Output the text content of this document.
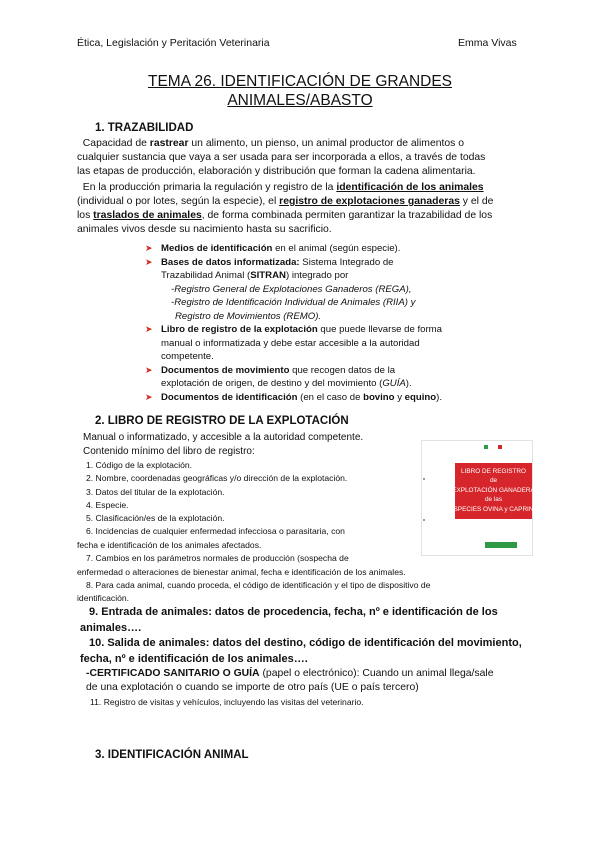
Ética, Legislación y Peritación Veterinaria	Emma Vivas
TEMA 26. IDENTIFICACIÓN DE GRANDES
ANIMALES/ABASTO
1. TRAZABILIDAD
Capacidad de rastrear un alimento, un pienso, un animal productor de alimentos o
cualquier sustancia que vaya a ser usada para ser incorporada a ellos, a través de todas
las etapas de producción, elaboración y distribución que forman la cadena alimentaria.
En la producción primaria la regulación y registro de la identificación de los animales
(individual o por lotes, según la especie), el registro de explotaciones ganaderas y el de
los traslados de animales, de forma combinada permiten garantizar la trazabilidad de los
animales vivos desde su nacimiento hasta su sacrificio.
➤ Medios de identificación en el animal (según especie).
➤ Bases de datos informatizada: Sistema Integrado de
Trazabilidad Animal (SITRAN) integrado por
-Registro General de Explotaciones Ganaderos (REGA),
-Registro de Identificación Individual de Animales (RIIA) y
Registro de Movimientos (REMO).
➤ Libro de registro de la explotación que puede llevarse de forma
manual o informatizada y debe estar accesible a la autoridad
competente.
➤ Documentos de movimiento que recogen datos de la
explotación de origen, de destino y del movimiento (GUÍA).
➤ Documentos de identificación (en el caso de bovino y equino).
2. LIBRO DE REGISTRO DE LA EXPLOTACIÓN
Manual o informatizado, y accesible a la autoridad competente.
Contenido mínimo del libro de registro:
1. Código de la explotación.
2. Nombre, coordenadas geográficas y/o dirección de la explotación.
3. Datos del titular de la explotación.
4. Especie.
5. Clasificación/es de la explotación.
6. Incidencias de cualquier enfermedad infecciosa o parasitaria, con
fecha e identificación de los animales afectados.
7. Cambios en los parámetros normales de producción (sospecha de
enfermedad o alteraciones de bienestar animal, fecha e identificación de los animales.
8. Para cada animal, cuando proceda, el código de identificación y el tipo de dispositivo de
identificación.
9. Entrada de animales: datos de procedencia, fecha, nº e identificación de los
animales….
10. Salida de animales: datos del destino, código de identificación del movimiento,
fecha, nº e identificación de los animales….
-CERTIFICADO SANITARIO O GUÍA (papel o electrónico): Cuando un animal llega/sale
de una explotación o cuando se importe de otro país (UE o país tercero)
11. Registro de visitas y vehículos, incluyendo las visitas del veterinario.
LIBRO DE REGISTRO
de
EXPLOTACIÓN GANADERA
de las
ESPECIES OVINA y CAPRINA
3. IDENTIFICACIÓN ANIMAL
